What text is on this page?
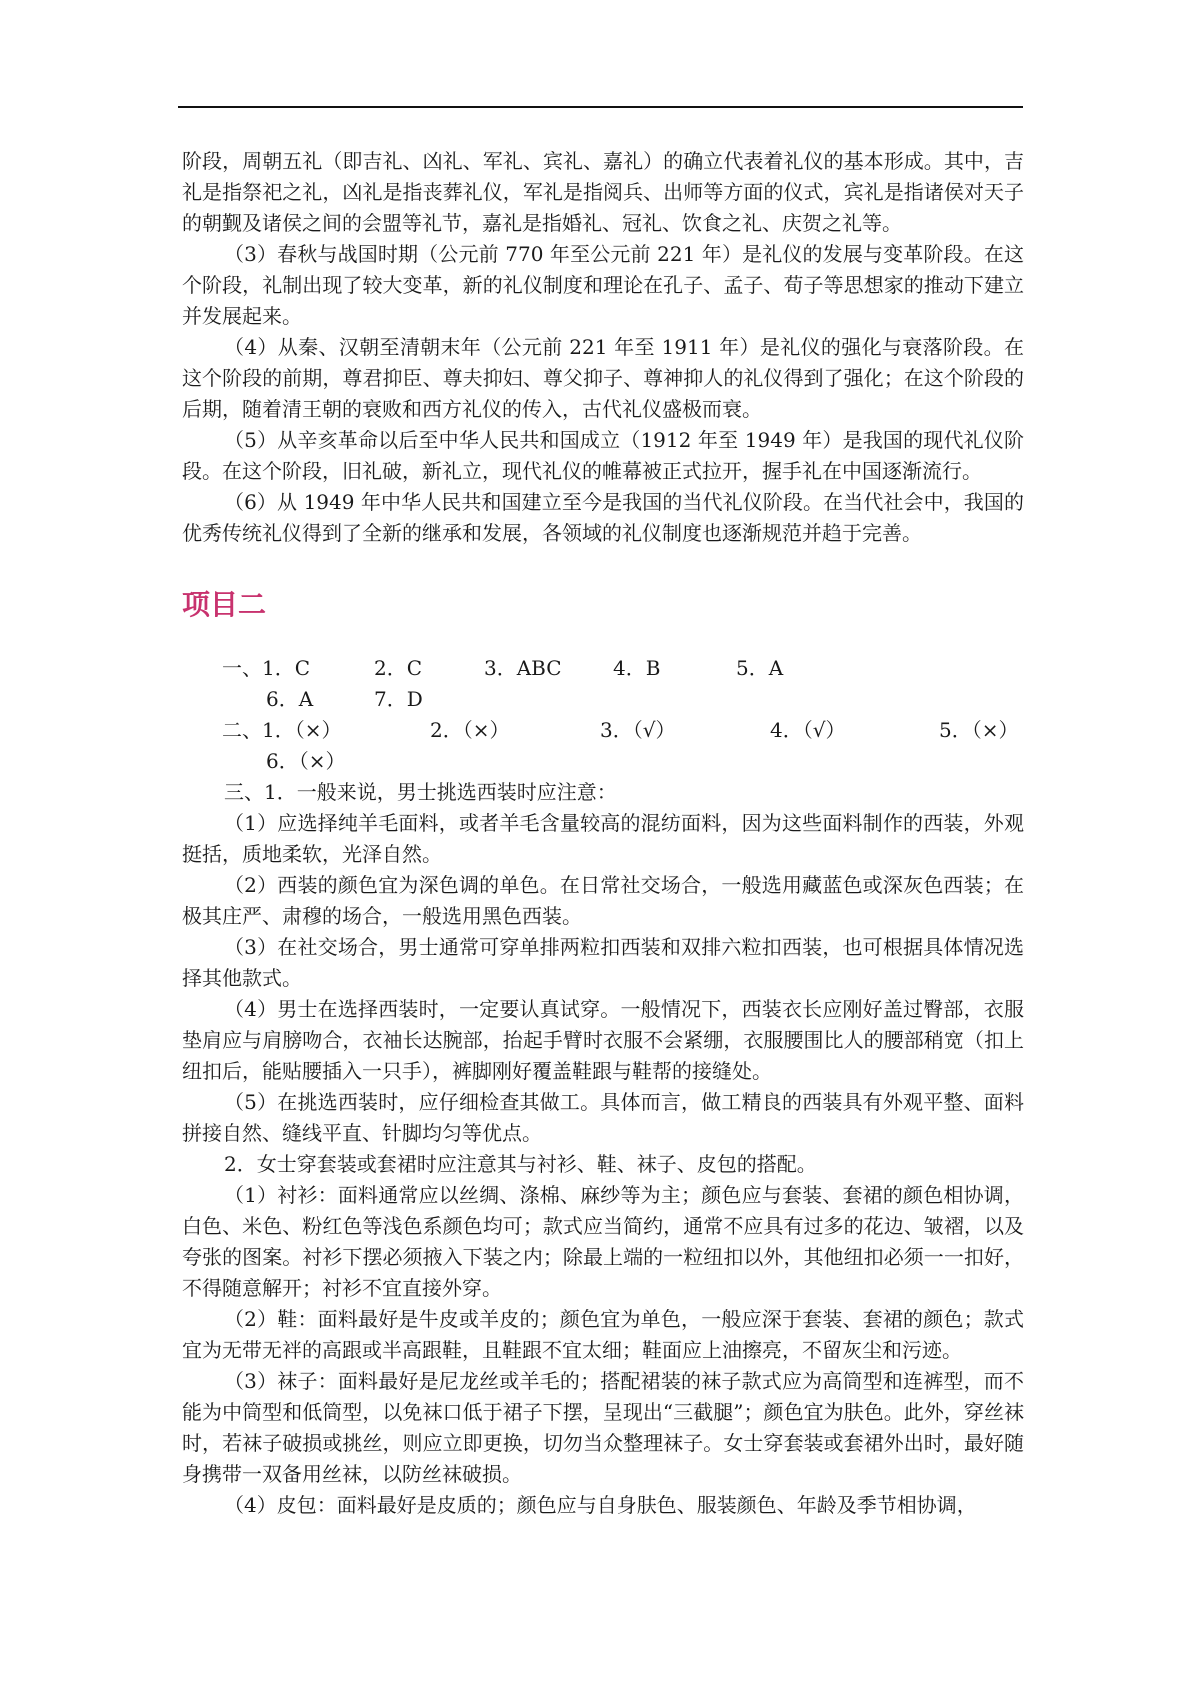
阶段，周朝五礼（即吉礼、凶礼、军礼、宾礼、嘉礼）的确立代表着礼仪的基本形成。其中，吉礼是指祭祀之礼，凶礼是指丧葬礼仪，军礼是指阅兵、出师等方面的仪式，宾礼是指诸侯对天子的朝觐及诸侯之间的会盟等礼节，嘉礼是指婚礼、冠礼、饮食之礼、庆贺之礼等。

（3）春秋与战国时期（公元前 770 年至公元前 221 年）是礼仪的发展与变革阶段。在这个阶段，礼制出现了较大变革，新的礼仪制度和理论在孔子、孟子、荀子等思想家的推动下建立并发展起来。

（4）从秦、汉朝至清朝末年（公元前 221 年至 1911 年）是礼仪的强化与衰落阶段。在这个阶段的前期，尊君抑臣、尊夫抑妇、尊父抑子、尊神抑人的礼仪得到了强化；在这个阶段的后期，随着清王朝的衰败和西方礼仪的传入，古代礼仪盛极而衰。

（5）从辛亥革命以后至中华人民共和国成立（1912 年至 1949 年）是我国的现代礼仪阶段。在这个阶段，旧礼破，新礼立，现代礼仪的帷幕被正式拉开，握手礼在中国逐渐流行。

（6）从 1949 年中华人民共和国建立至今是我国的当代礼仪阶段。在当代社会中，我国的优秀传统礼仪得到了全新的继承和发展，各领域的礼仪制度也逐渐规范并趋于完善。

项目二
一、1．C	2．C	3．ABC	4．B	5．A
6．A	7．D
二、1．（×）	2．（×）	3．（√）	4．（√）	5．（×）
6．（×）

三、1．一般来说，男士挑选西装时应注意：

（1）应选择纯羊毛面料，或者羊毛含量较高的混纺面料，因为这些面料制作的西装，外观挺括，质地柔软，光泽自然。

（2）西装的颜色宜为深色调的单色。在日常社交场合，一般选用藏蓝色或深灰色西装；在极其庄严、肃穆的场合，一般选用黑色西装。

（3）在社交场合，男士通常可穿单排两粒扣西装和双排六粒扣西装，也可根据具体情况选择其他款式。

（4）男士在选择西装时，一定要认真试穿。一般情况下，西装衣长应刚好盖过臀部，衣服垫肩应与肩膀吻合，衣袖长达腕部，抬起手臂时衣服不会紧绷，衣服腰围比人的腰部稍宽（扣上纽扣后，能贴腰插入一只手），裤脚刚好覆盖鞋跟与鞋帮的接缝处。

（5）在挑选西装时，应仔细检查其做工。具体而言，做工精良的西装具有外观平整、面料拼接自然、缝线平直、针脚均匀等优点。

2．女士穿套装或套裙时应注意其与衬衫、鞋、袜子、皮包的搭配。

（1）衬衫：面料通常应以丝绸、涤棉、麻纱等为主；颜色应与套装、套裙的颜色相协调，白色、米色、粉红色等浅色系颜色均可；款式应当简约，通常不应具有过多的花边、皱褶，以及夸张的图案。衬衫下摆必须掖入下装之内；除最上端的一粒纽扣以外，其他纽扣必须一一扣好，不得随意解开；衬衫不宜直接外穿。

（2）鞋：面料最好是牛皮或羊皮的；颜色宜为单色，一般应深于套装、套裙的颜色；款式宜为无带无袢的高跟或半高跟鞋，且鞋跟不宜太细；鞋面应上油擦亮，不留灰尘和污迹。

（3）袜子：面料最好是尼龙丝或羊毛的；搭配裙装的袜子款式应为高筒型和连裤型，而不能为中筒型和低筒型，以免袜口低于裙子下摆，呈现出“三截腿”；颜色宜为肤色。此外，穿丝袜时，若袜子破损或挑丝，则应立即更换，切勿当众整理袜子。女士穿套装或套裙外出时，最好随身携带一双备用丝袜，以防丝袜破损。

（4）皮包：面料最好是皮质的；颜色应与自身肤色、服装颜色、年龄及季节相协调，
